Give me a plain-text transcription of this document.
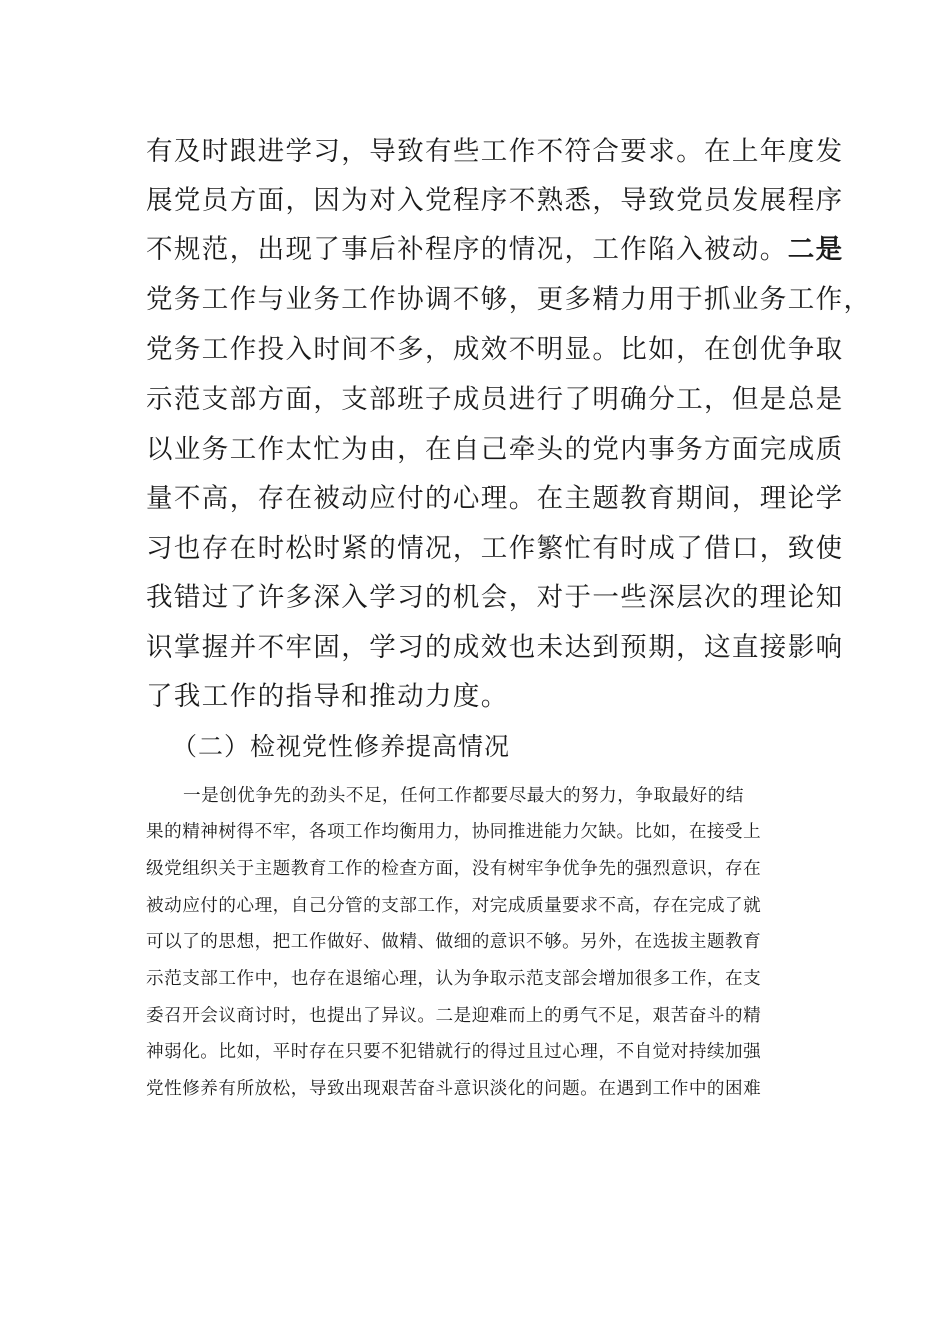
有及时跟进学习，导致有些工作不符合要求。在上年度发
展党员方面，因为对入党程序不熟悉，导致党员发展程序
不规范，出现了事后补程序的情况，工作陷入被动。二是
党务工作与业务工作协调不够，更多精力用于抓业务工作，
党务工作投入时间不多，成效不明显。比如，在创优争取
示范支部方面，支部班子成员进行了明确分工，但是总是
以业务工作太忙为由，在自己牵头的党内事务方面完成质
量不高，存在被动应付的心理。在主题教育期间，理论学
习也存在时松时紧的情况，工作繁忙有时成了借口，致使
我错过了许多深入学习的机会，对于一些深层次的理论知
识掌握并不牢固，学习的成效也未达到预期，这直接影响
了我工作的指导和推动力度。
（二）检视党性修养提高情况
一是创优争先的劲头不足，任何工作都要尽最大的努力，争取最好的结
果的精神树得不牢，各项工作均衡用力，协同推进能力欠缺。比如，在接受上
级党组织关于主题教育工作的检查方面，没有树牢争优争先的强烈意识，存在
被动应付的心理，自己分管的支部工作，对完成质量要求不高，存在完成了就
可以了的思想，把工作做好、做精、做细的意识不够。另外，在选拔主题教育
示范支部工作中，也存在退缩心理，认为争取示范支部会增加很多工作，在支
委召开会议商讨时，也提出了异议。二是迎难而上的勇气不足，艰苦奋斗的精
神弱化。比如，平时存在只要不犯错就行的得过且过心理，不自觉对持续加强
党性修养有所放松，导致出现艰苦奋斗意识淡化的问题。在遇到工作中的困难
